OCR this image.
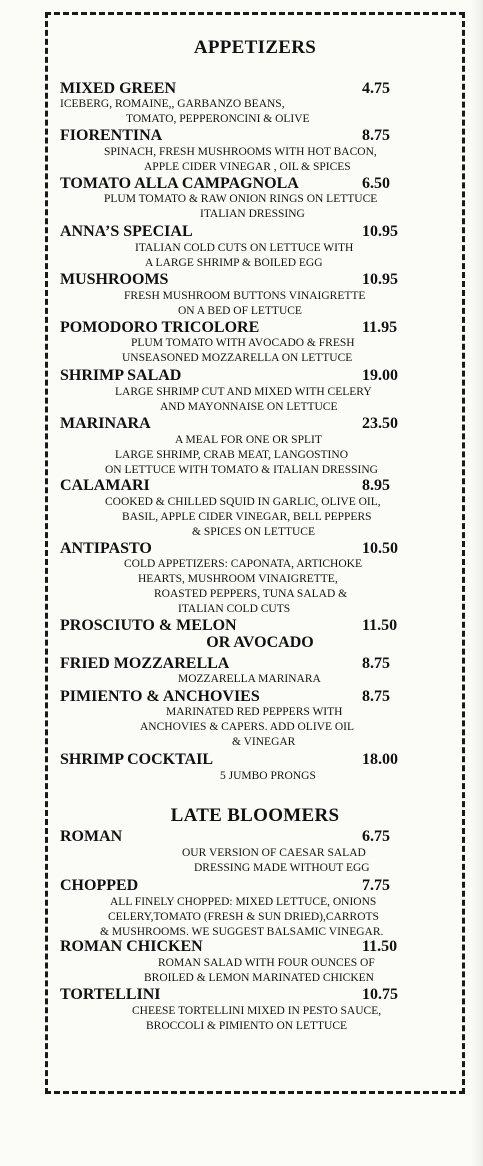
APPETIZERS
MIXED GREEN	4.75
ICEBERG, ROMAINE,, GARBANZO BEANS,
TOMATO, PEPPERONCINI & OLIVE
FIORENTINA	8.75
SPINACH, FRESH MUSHROOMS WITH HOT BACON,
APPLE CIDER VINEGAR , OIL & SPICES
TOMATO ALLA CAMPAGNOLA	6.50
PLUM TOMATO & RAW ONION RINGS ON LETTUCE
ITALIAN DRESSING
ANNA’S SPECIAL	10.95
ITALIAN COLD CUTS ON LETTUCE WITH
A LARGE SHRIMP & BOILED EGG
MUSHROOMS	10.95
FRESH MUSHROOM BUTTONS VINAIGRETTE
ON A BED OF LETTUCE
POMODORO TRICOLORE	11.95
PLUM TOMATO WITH AVOCADO & FRESH
UNSEASONED MOZZARELLA ON LETTUCE
SHRIMP SALAD	19.00
LARGE SHRIMP CUT AND MIXED WITH CELERY
AND MAYONNAISE ON LETTUCE
MARINARA	23.50
A MEAL FOR ONE OR SPLIT
LARGE SHRIMP, CRAB MEAT, LANGOSTINO
ON LETTUCE WITH TOMATO & ITALIAN DRESSING
CALAMARI	8.95
COOKED & CHILLED SQUID IN GARLIC, OLIVE OIL,
BASIL, APPLE CIDER VINEGAR, BELL PEPPERS
& SPICES ON LETTUCE
ANTIPASTO	10.50
COLD APPETIZERS: CAPONATA, ARTICHOKE
HEARTS, MUSHROOM VINAIGRETTE,
ROASTED PEPPERS, TUNA SALAD &
ITALIAN COLD CUTS
PROSCIUTO & MELON	11.50
OR AVOCADO
FRIED MOZZARELLA	8.75
MOZZARELLA MARINARA
PIMIENTO & ANCHOVIES	8.75
MARINATED RED PEPPERS WITH
ANCHOVIES & CAPERS. ADD OLIVE OIL
& VINEGAR
SHRIMP COCKTAIL	18.00
5 JUMBO PRONGS
LATE BLOOMERS
ROMAN	6.75
OUR VERSION OF CAESAR SALAD
DRESSING MADE WITHOUT EGG
CHOPPED	7.75
ALL FINELY CHOPPED: MIXED LETTUCE, ONIONS
CELERY,TOMATO (FRESH & SUN DRIED),CARROTS
& MUSHROOMS. WE SUGGEST BALSAMIC VINEGAR.
ROMAN CHICKEN	11.50
ROMAN SALAD WITH FOUR OUNCES OF
BROILED & LEMON MARINATED CHICKEN
TORTELLINI	10.75
CHEESE TORTELLINI MIXED IN PESTO SAUCE,
BROCCOLI & PIMIENTO ON LETTUCE
